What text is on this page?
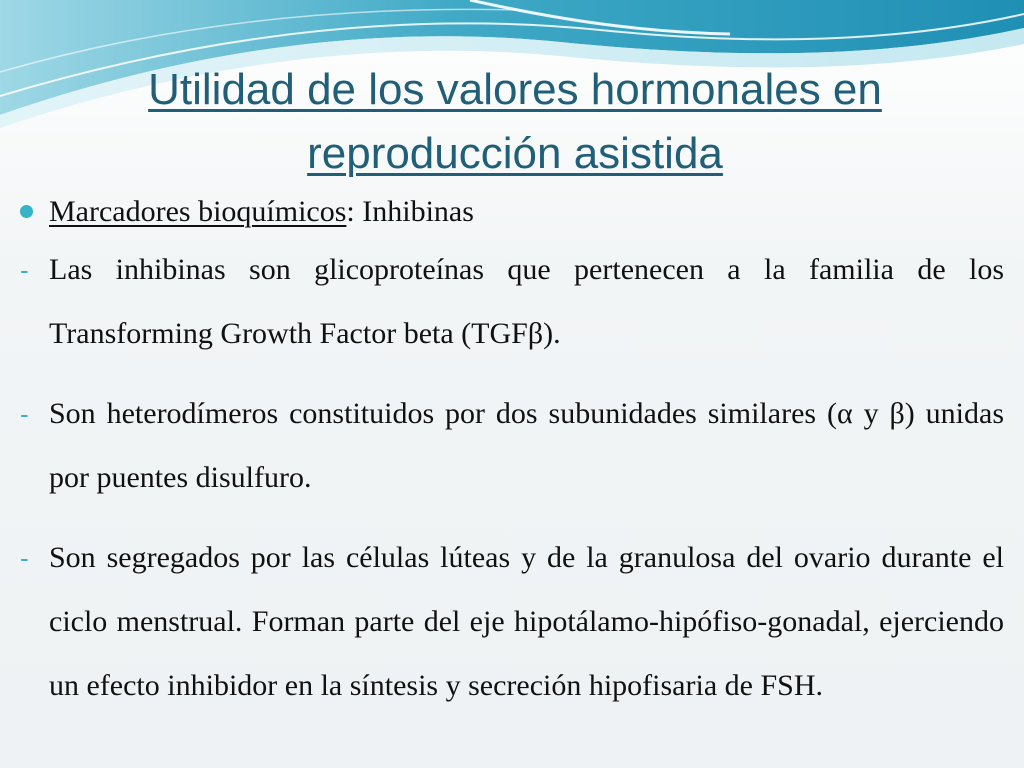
Utilidad de los valores hormonales en
reproducción asistida
Marcadores bioquímicos: Inhibinas
- Las inhibinas son glicoproteínas que pertenecen a la familia de los Transforming Growth Factor beta (TGFβ).
- Son heterodímeros constituidos por dos subunidades similares (α y β) unidas por puentes disulfuro.
- Son segregados por las células lúteas y de la granulosa del ovario durante el ciclo menstrual. Forman parte del eje hipotálamo-hipófiso-gonadal, ejerciendo un efecto inhibidor en la síntesis y secreción hipofisaria de FSH.
